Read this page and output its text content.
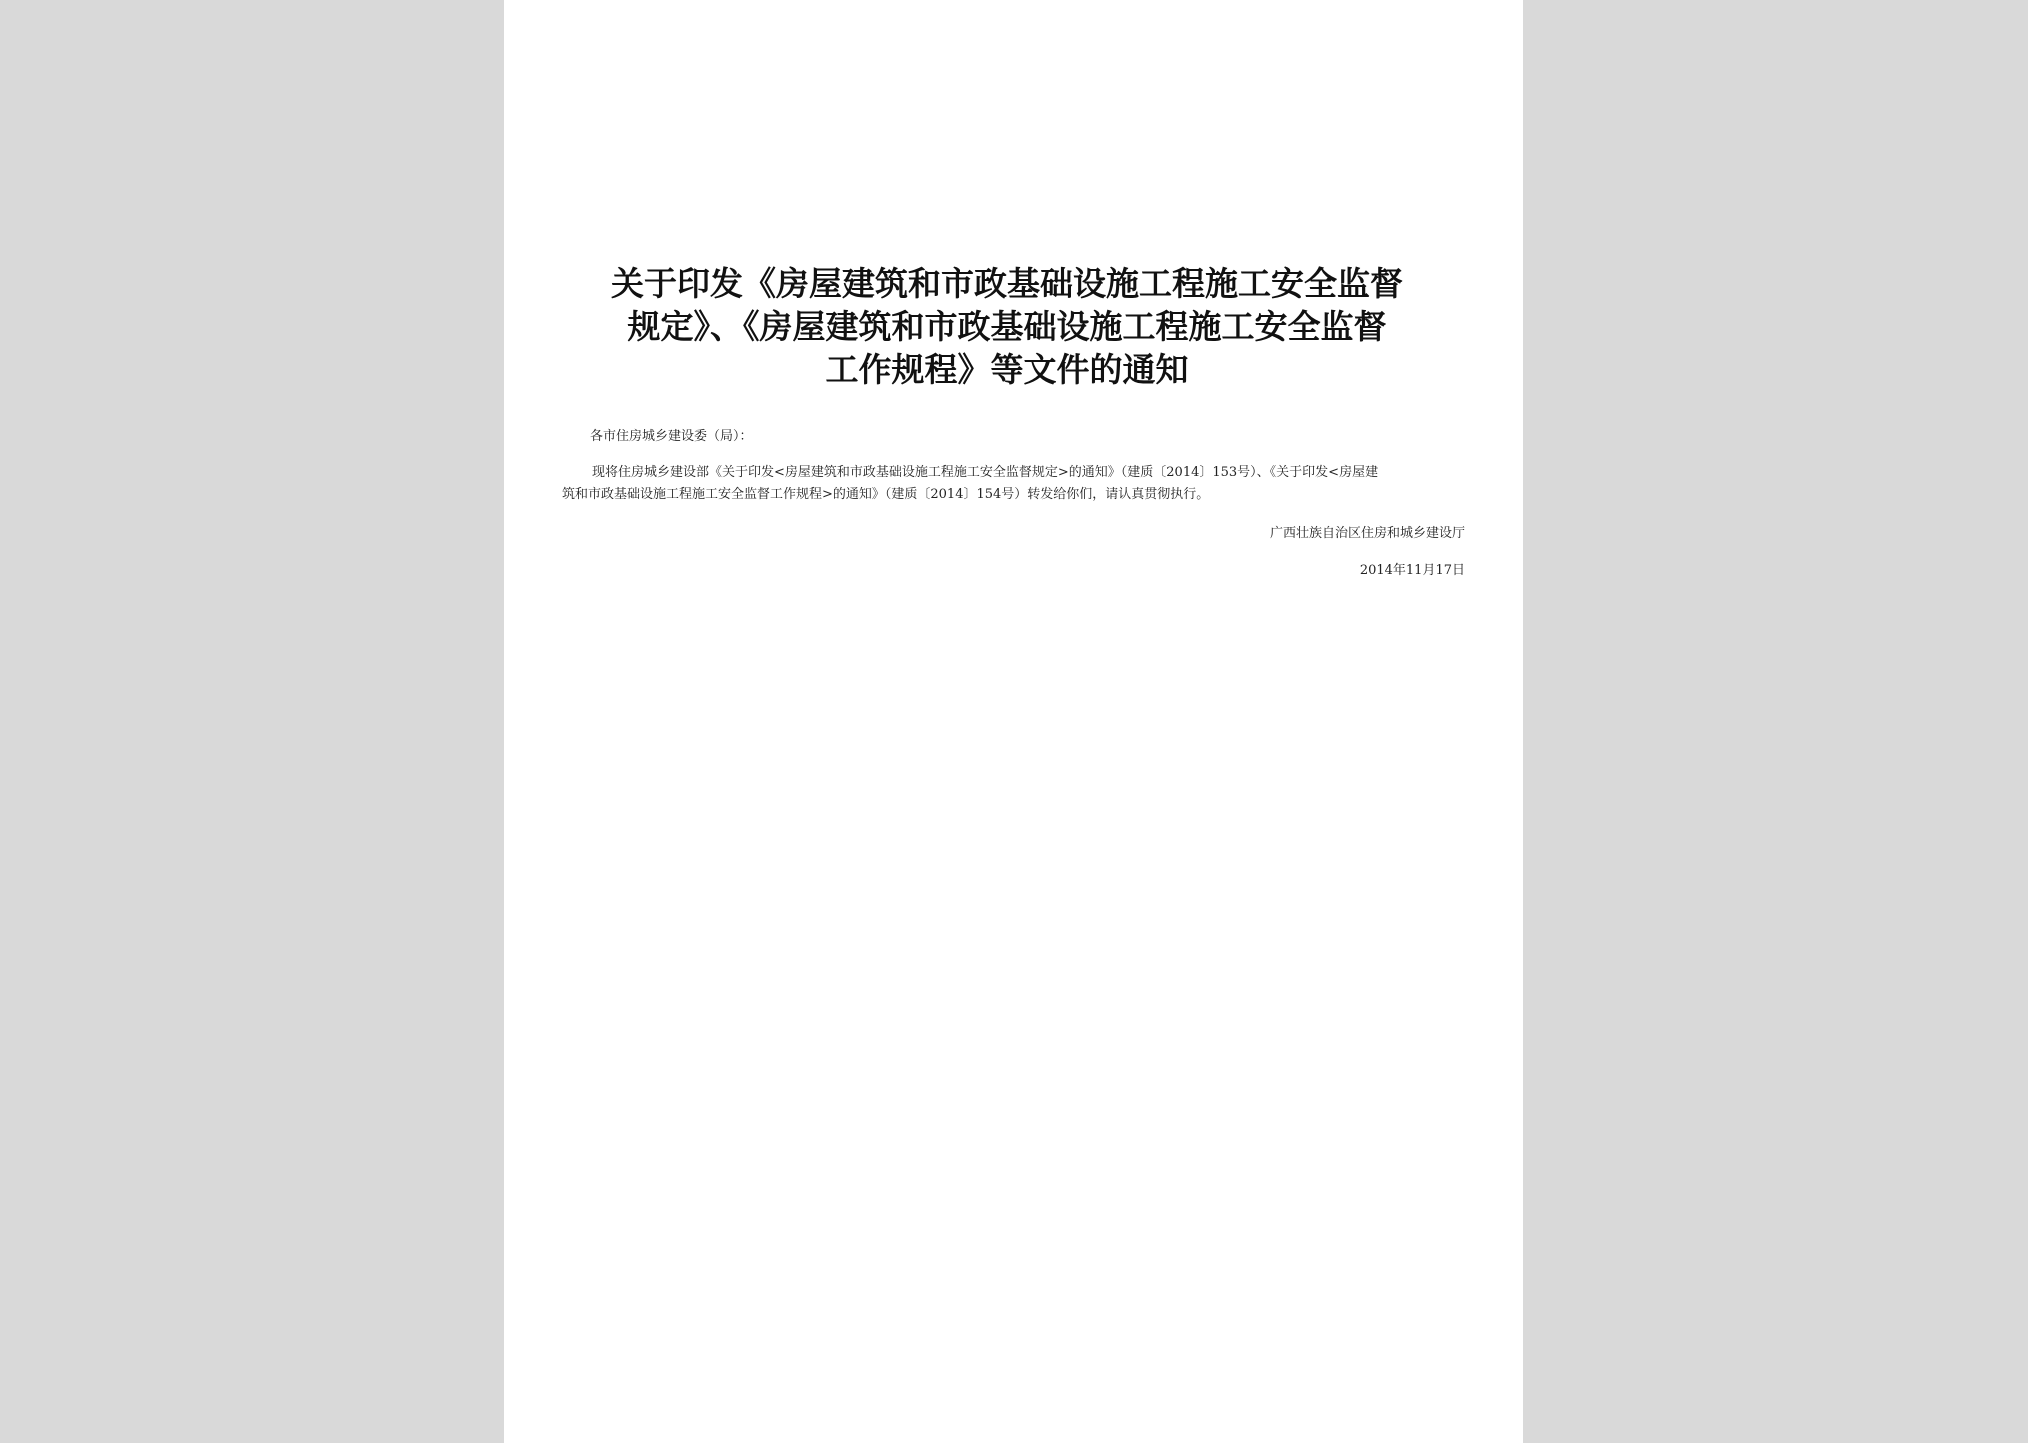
关于印发《房屋建筑和市政基础设施工程施工安全监督
规定》、《房屋建筑和市政基础设施工程施工安全监督
工作规程》等文件的通知
各市住房城乡建设委（局）：
现将住房城乡建设部《关于印发<房屋建筑和市政基础设施工程施工安全监督规定>的通知》（建质〔2014〕153号）、《关于印发<房屋建
筑和市政基础设施工程施工安全监督工作规程>的通知》（建质〔2014〕154号）转发给你们，请认真贯彻执行。
广西壮族自治区住房和城乡建设厅
2014年11月17日
